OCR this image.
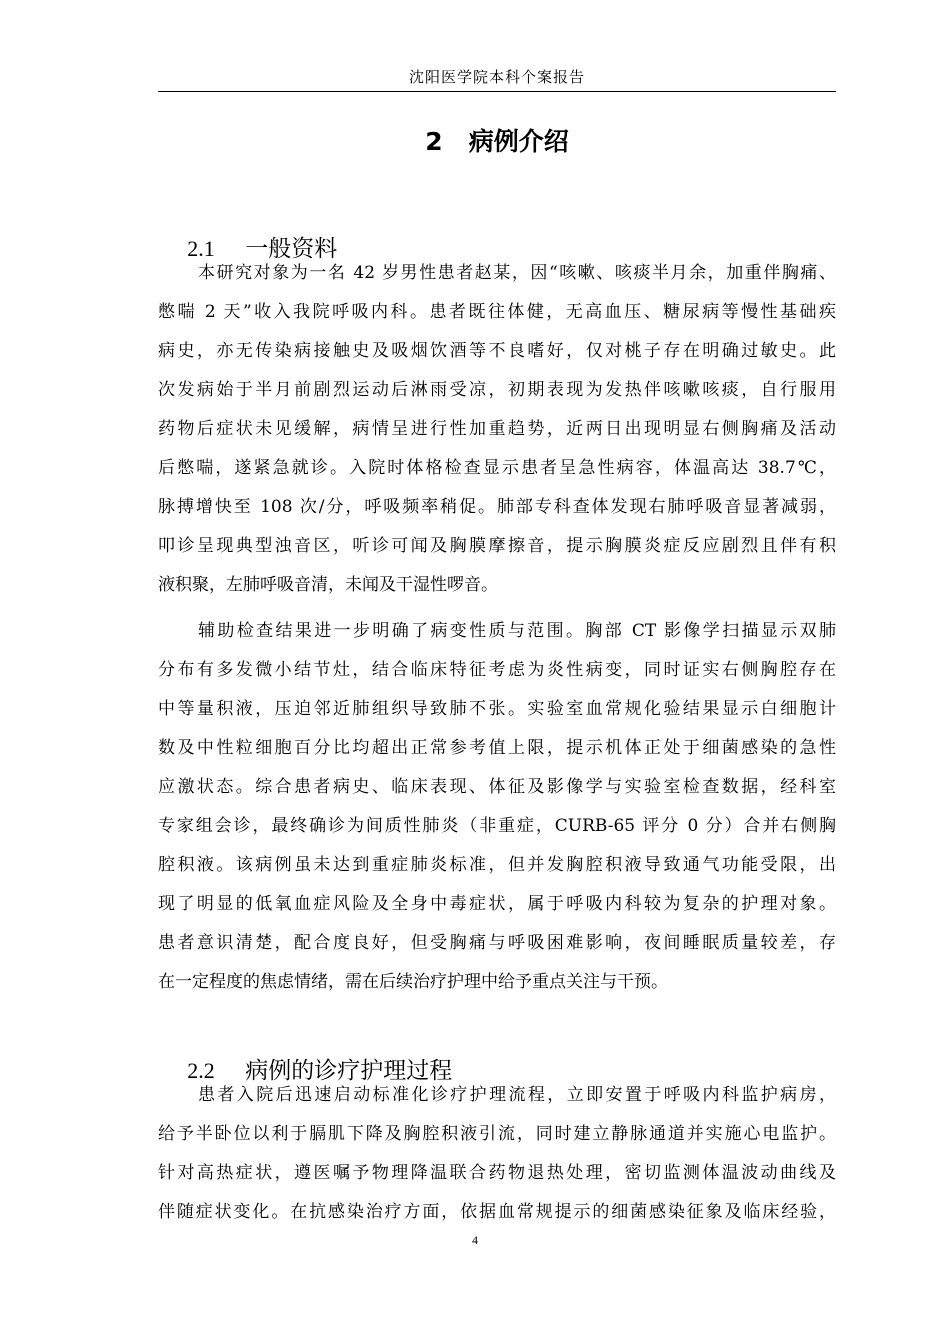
沈阳医学院本科个案报告
2   病例介绍

2.1 一般资料

本研究对象为一名 42 岁男性患者赵某，因“咳嗽、咳痰半月余，加重伴胸痛、
憋喘 2 天”收入我院呼吸内科。患者既往体健，无高血压、糖尿病等慢性基础疾
病史，亦无传染病接触史及吸烟饮酒等不良嗜好，仅对桃子存在明确过敏史。此
次发病始于半月前剧烈运动后淋雨受凉，初期表现为发热伴咳嗽咳痰，自行服用
药物后症状未见缓解，病情呈进行性加重趋势，近两日出现明显右侧胸痛及活动
后憋喘，遂紧急就诊。入院时体格检查显示患者呈急性病容，体温高达 38.7℃，
脉搏增快至 108 次/分，呼吸频率稍促。肺部专科查体发现右肺呼吸音显著减弱，
叩诊呈现典型浊音区，听诊可闻及胸膜摩擦音，提示胸膜炎症反应剧烈且伴有积
液积聚，左肺呼吸音清，未闻及干湿性啰音。
辅助检查结果进一步明确了病变性质与范围。胸部 CT 影像学扫描显示双肺
分布有多发微小结节灶，结合临床特征考虑为炎性病变，同时证实右侧胸腔存在
中等量积液，压迫邻近肺组织导致肺不张。实验室血常规化验结果显示白细胞计
数及中性粒细胞百分比均超出正常参考值上限，提示机体正处于细菌感染的急性
应激状态。综合患者病史、临床表现、体征及影像学与实验室检查数据，经科室
专家组会诊，最终确诊为间质性肺炎（非重症，CURB-65 评分 0 分）合并右侧胸
腔积液。该病例虽未达到重症肺炎标准，但并发胸腔积液导致通气功能受限，出
现了明显的低氧血症风险及全身中毒症状，属于呼吸内科较为复杂的护理对象。
患者意识清楚，配合度良好，但受胸痛与呼吸困难影响，夜间睡眠质量较差，存
在一定程度的焦虑情绪，需在后续治疗护理中给予重点关注与干预。

2.2 病例的诊疗护理过程

患者入院后迅速启动标准化诊疗护理流程，立即安置于呼吸内科监护病房，
给予半卧位以利于膈肌下降及胸腔积液引流，同时建立静脉通道并实施心电监护。
针对高热症状，遵医嘱予物理降温联合药物退热处理，密切监测体温波动曲线及
伴随症状变化。在抗感染治疗方面，依据血常规提示的细菌感染征象及临床经验，
4
